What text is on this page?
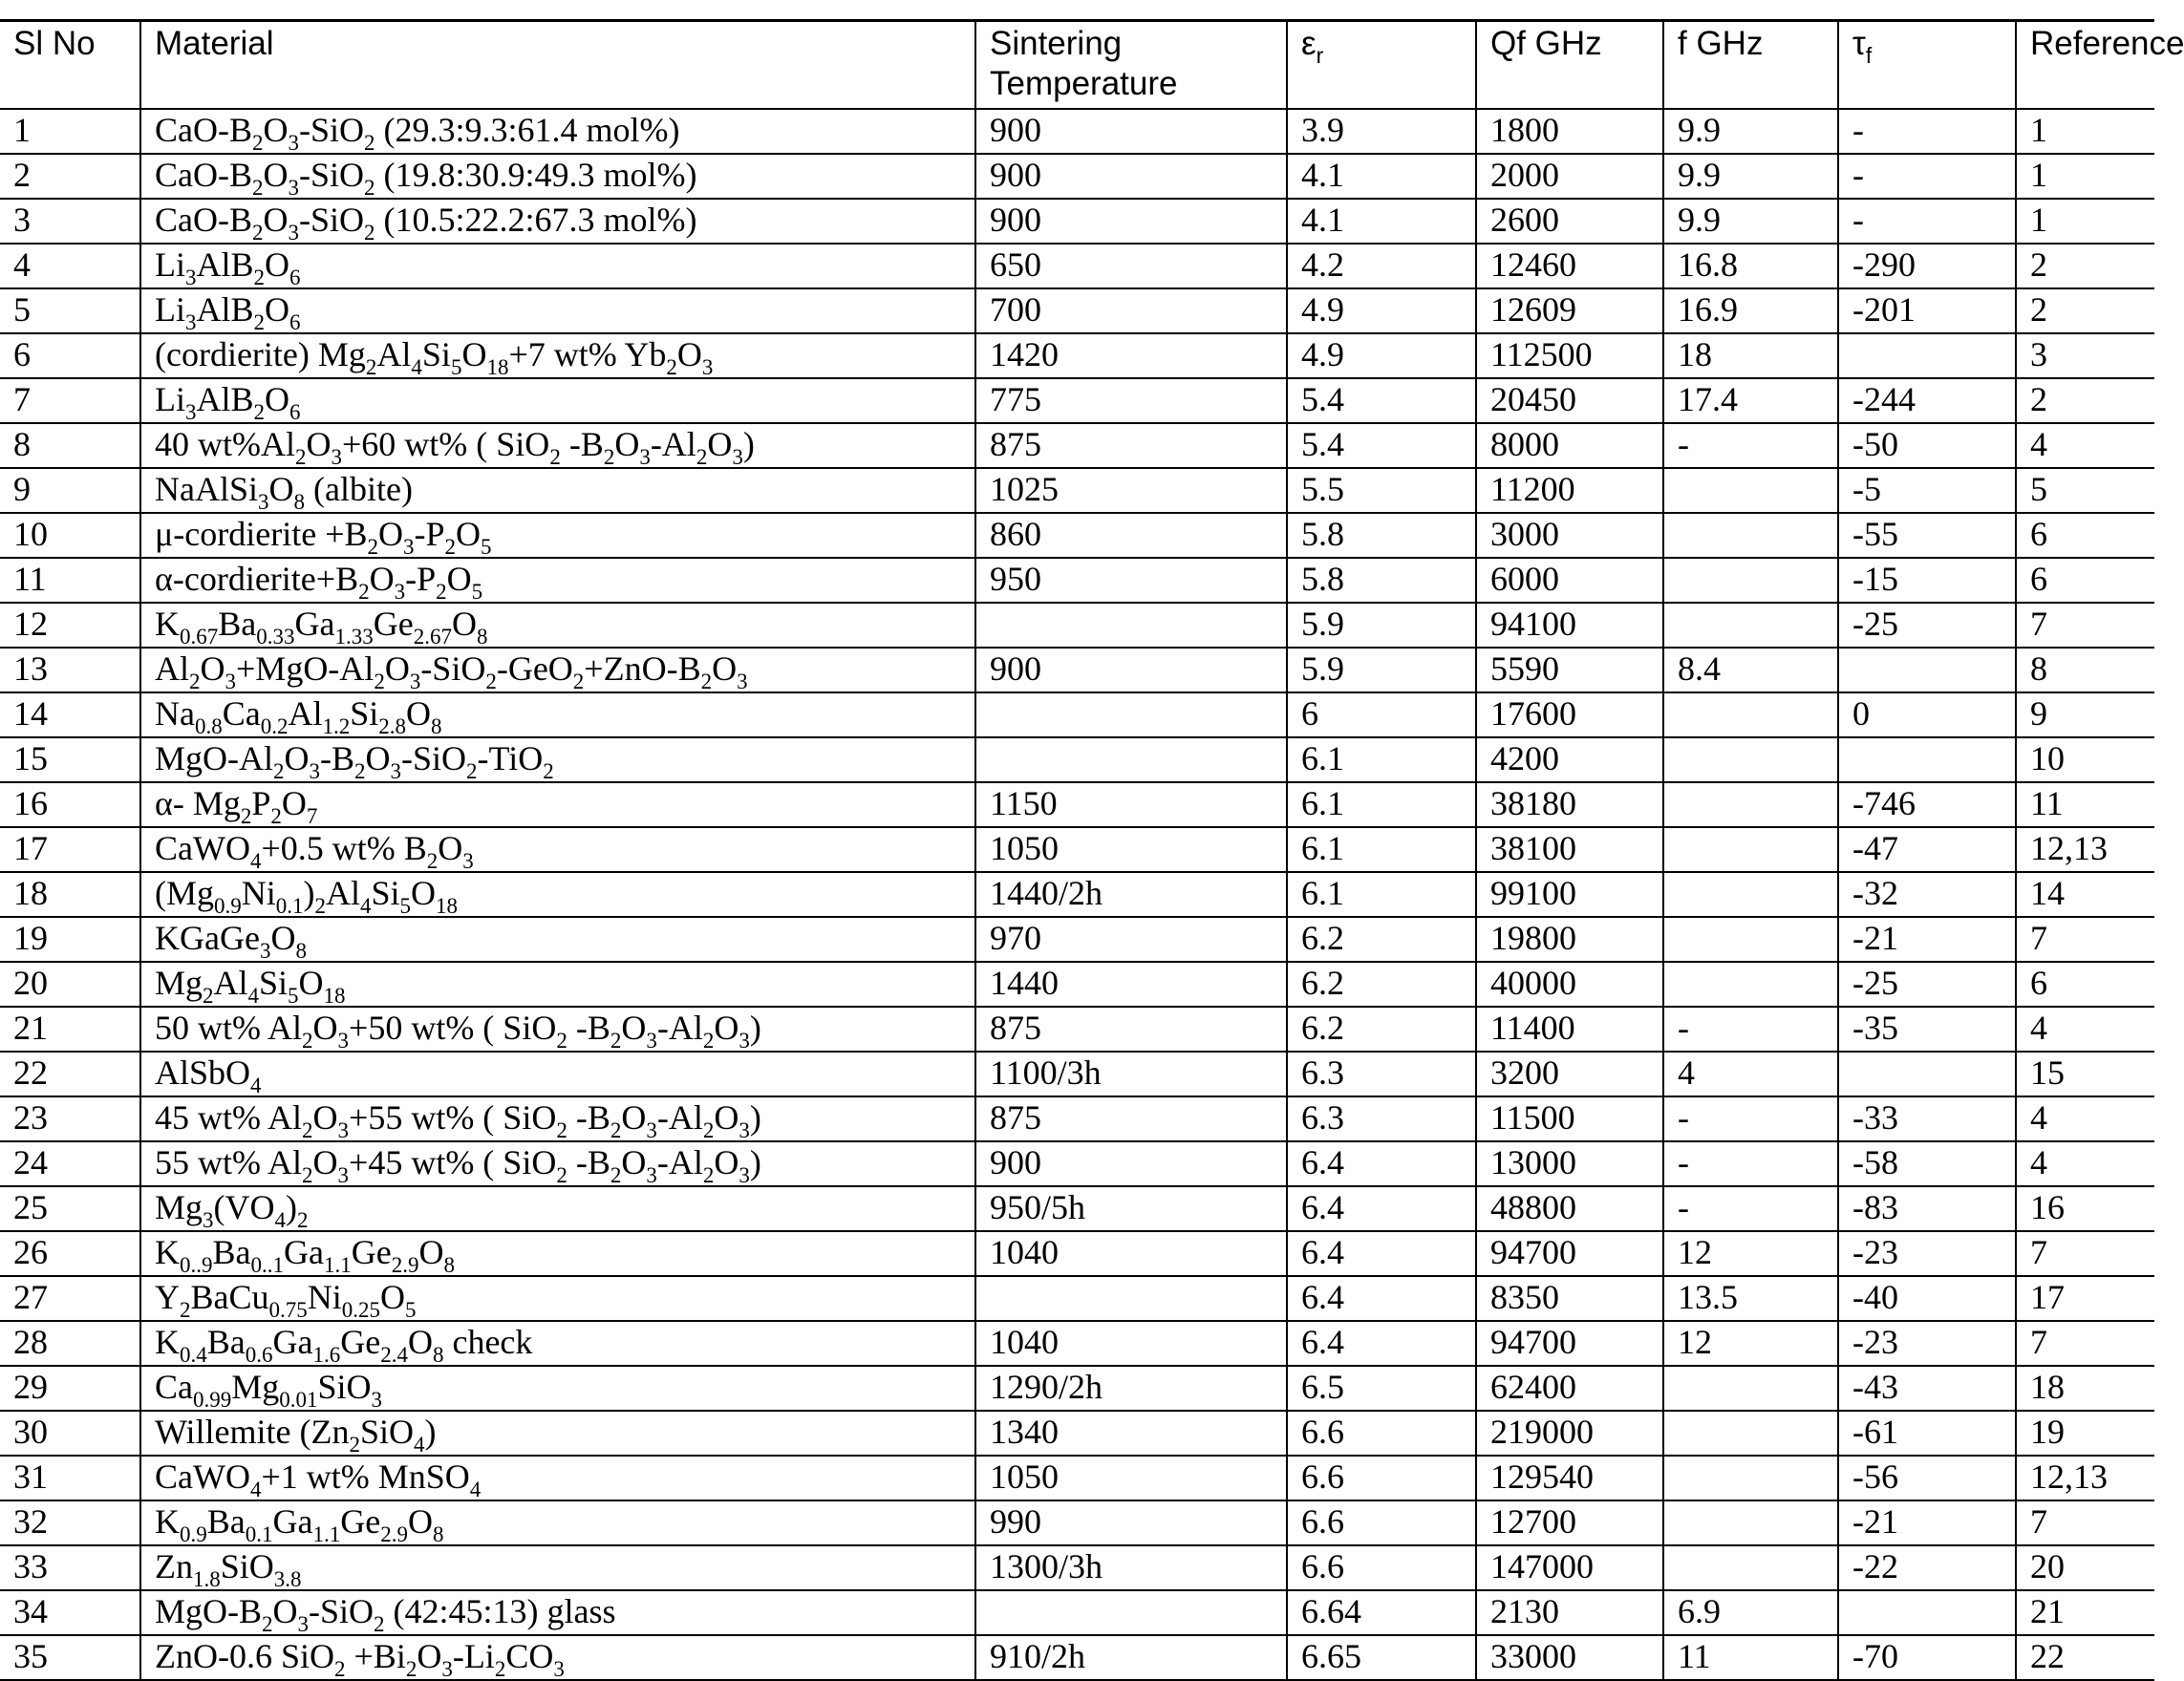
Sl No	Material	Sintering Temperature	$\varepsilon_r$	Qf GHz	f GHz	$\tau_f$	Reference
1	CaO-$B_2O_3-SiO_2$ (29.3:9.3:61.4 mol%)	900	3.9	1800	9.9	-	1
2	CaO-$B_2O_3-SiO_2$ (19.8:30.9:49.3 mol%)	900	4.1	2000	9.9	-	1
3	CaO-$B_2O_3-SiO_2$ (10.5:22.2:67.3 mol%)	900	4.1	2600	9.9	-	1
4	$Li_3AlB_2O_6$	650	4.2	12460	16.8	-290	2
5	$Li_3AlB_2O_6$	700	4.9	12609	16.9	-201	2
6	(cordierite) $Mg_2Al_4Si_5O_{18}+7$ wt% $Yb_2O_3$	1420	4.9	112500	18		3
7	$Li_3AlB_2O_6$	775	5.4	20450	17.4	-244	2
8	40 $wt\%Al_2O_3+60$ wt% ( SiO$_2$ $-B_2O_3-Al_2O_3$)	875	5.4	8000	-	-50	4
9	$NaAlSi_3O_8$ (albite)	1025	5.5	11200		-5	5
10	μ-cordierite $+B_2O_3-P_2O_5$	860	5.8	3000		-55	6
11	$\alpha-cordierite+B_2O_3-P_2O_5$	950	5.8	6000		-15	6
12	$K_{0.67}Ba_{0.33}Ga_{1.33}Ge_{2.67}O_8$		5.9	94100		-25	7
13	$Al_2O_3+MgO-Al_2O_3-SiO_2-GeO_2+ZnO-B_2O_3$	900	5.9	5590	8.4		8
14	$Na_{0.8}Ca_{0.2}Al_{1.2}Si_{2.8}O_8$		6	17600		0	9
15	MgO-$Al_2O_3-B_2O_3-SiO_2-TiO_2$		6.1	4200			10
16	α- $Mg_2P_2O_7$	1150	6.1	38180		-746	11
17	CaWO$_4$+0.5 wt% $B_2O_3$	1050	6.1	38100		-47	12,13
18	$(Mg_{0.9}Ni_{0.1})_2Al_4Si_5O_{18}$	1440/2h	6.1	99100		-32	14
19	$KGaGe_3O_8$	970	6.2	19800		-21	7
20	$Mg_2Al_4Si_5O_{18}$	1440	6.2	40000		-25	6
21	50 wt% $Al_2O_3+50$ wt% ( SiO$_2$ $-B_2O_3-Al_2O_3$)	875	6.2	11400	-	-35	4
22	AlSbO$_4$	1100/3h	6.3	3200	4		15
23	45 wt% $Al_2O_3+55$ wt% ( SiO$_2$ $-B_2O_3-Al_2O_3$)	875	6.3	11500	-	-33	4
24	55 wt% $Al_2O_3+45$ wt% ( SiO$_2$ $-B_2O_3-Al_2O_3$)	900	6.4	13000	-	-58	4
25	$Mg_3(VO_4)_2$	950/5h	6.4	48800	-	-83	16
26	$K_{0..9}Ba_{0..1}Ga_{1.1}Ge_{2.9}O_8$	1040	6.4	94700	12	-23	7
27	$Y_2BaCu_{0.75}Ni_{0.25}O_5$		6.4	8350	13.5	-40	17
28	$K_{0.4}Ba_{0.6}Ga_{1.6}Ge_{2.4}O_8$ check	1040	6.4	94700	12	-23	7
29	$Ca_{0.99}Mg_{0.01}SiO_3$	1290/2h	6.5	62400		-43	18
30	Willemite $(Zn_2SiO_4)$	1340	6.6	219000		-61	19
31	CaWO$_4$+1 wt% MnSO$_4$	1050	6.6	129540		-56	12,13
32	$K_{0.9}Ba_{0.1}Ga_{1.1}Ge_{2.9}O_8$	990	6.6	12700		-21	7
33	$Zn_{1.8}SiO_{3.8}$	1300/3h	6.6	147000		-22	20
34	MgO-$B_2O_3-SiO_2$ (42:45:13) glass		6.64	2130	6.9		21
35	ZnO-0.6 $SiO_2 +Bi_2O_3-Li_2CO_3$	910/2h	6.65	33000	11	-70	22
